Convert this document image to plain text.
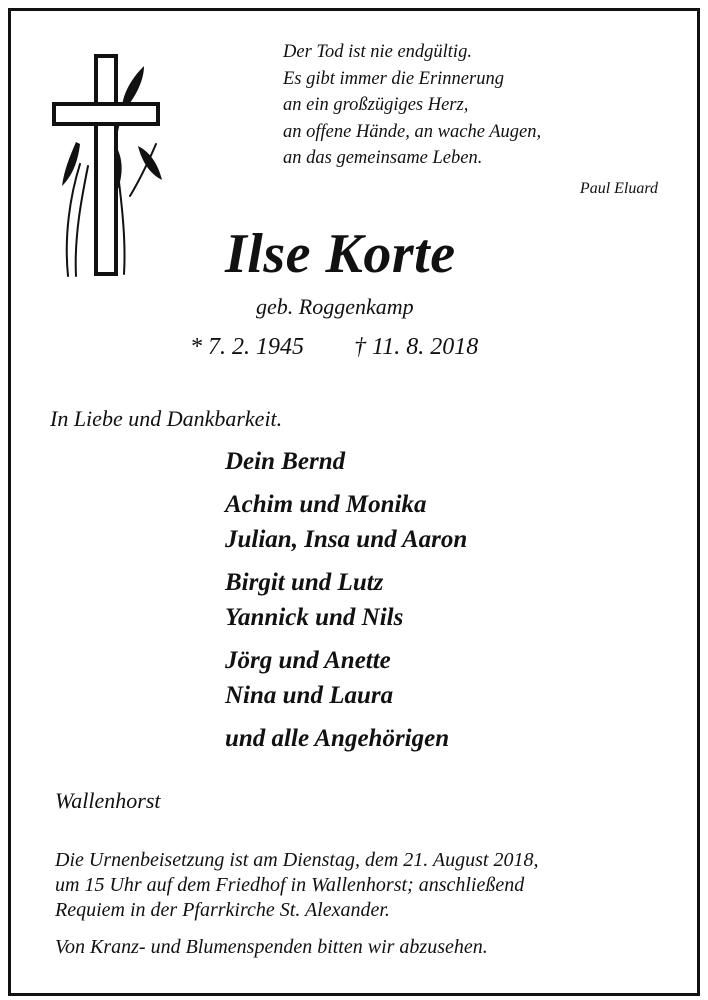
Der Tod ist nie endgültig.
Es gibt immer die Erinnerung
an ein großzügiges Herz,
an offene Hände, an wache Augen,
an das gemeinsame Leben.
Paul Eluard
Ilse Korte
geb. Roggenkamp
* 7. 2. 1945 † 11. 8. 2018
In Liebe und Dankbarkeit.
Dein Bernd
Achim und Monika
Julian, Insa und Aaron
Birgit und Lutz
Yannick und Nils
Jörg und Anette
Nina und Laura
und alle Angehörigen
Wallenhorst
Die Urnenbeisetzung ist am Dienstag, dem 21. August 2018,
um 15 Uhr auf dem Friedhof in Wallenhorst; anschließend
Requiem in der Pfarrkirche St. Alexander.
Von Kranz- und Blumenspenden bitten wir abzusehen.
